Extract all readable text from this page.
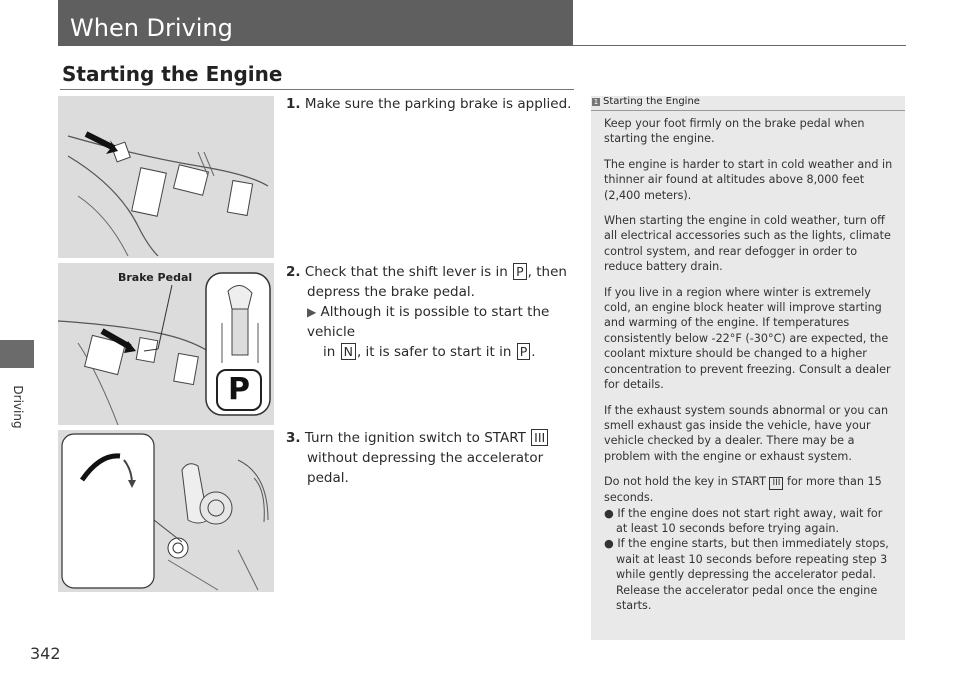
When Driving
Driving
Starting the Engine
Brake Pedal
P
1. Make sure the parking brake is applied.
2. Check that the shift lever is in P , then
depress the brake pedal.
▶ Although it is possible to start the vehicle
in N , it is safer to start it in P .
3. Turn the ignition switch to START III
without depressing the accelerator pedal.
1 Starting the Engine

Keep your foot firmly on the brake pedal when starting the engine.

The engine is harder to start in cold weather and in thinner air found at altitudes above 8,000 feet (2,400 meters).

When starting the engine in cold weather, turn off all electrical accessories such as the lights, climate control system, and rear defogger in order to reduce battery drain.

If you live in a region where winter is extremely cold, an engine block heater will improve starting and warming of the engine. If temperatures consistently below -22°F (-30°C) are expected, the coolant mixture should be changed to a higher concentration to prevent freezing. Consult a dealer for details.

If the exhaust system sounds abnormal or you can smell exhaust gas inside the vehicle, have your vehicle checked by a dealer. There may be a problem with the engine or exhaust system.

Do not hold the key in START III for more than 15 seconds.

● If the engine does not start right away, wait for at least 10 seconds before trying again.

● If the engine starts, but then immediately stops, wait at least 10 seconds before repeating step 3 while gently depressing the accelerator pedal. Release the accelerator pedal once the engine starts.

342
